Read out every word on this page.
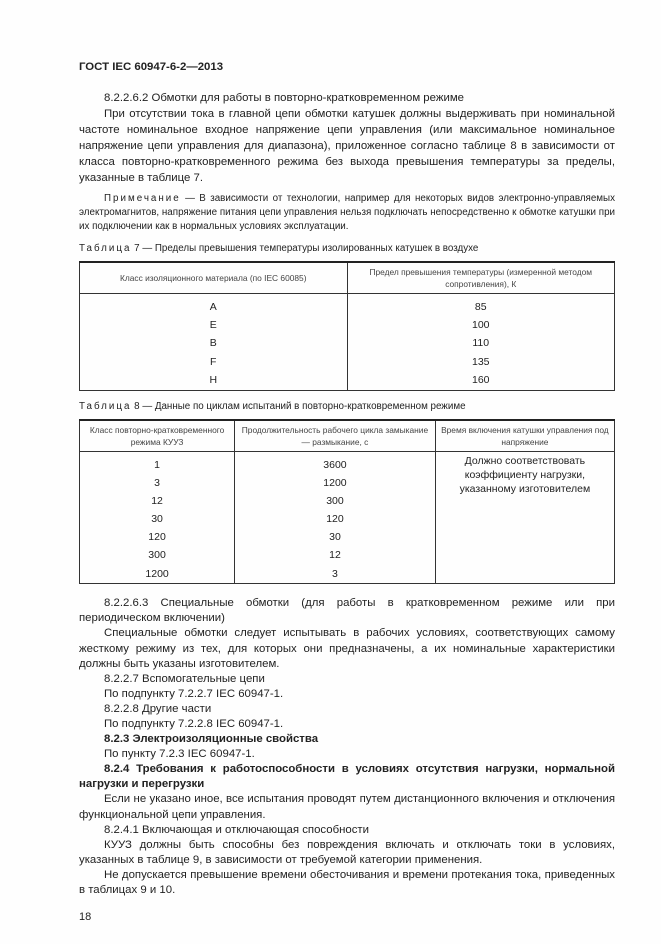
ГОСТ IEC 60947-6-2—2013

8.2.2.6.2 Обмотки для работы в повторно-кратковременном режиме

При отсутствии тока в главной цепи обмотки катушек должны выдерживать при номинальной частоте номинальное входное напряжение цепи управления (или максимальное номинальное напряжение цепи управления для диапазона), приложенное согласно таблице 8 в зависимости от класса повторно-кратковременного режима без выхода превышения температуры за пределы, указанные в таблице 7.

Примечание — В зависимости от технологии, например для некоторых видов электронно-управляемых электромагнитов, напряжение питания цепи управления нельзя подключать непосредственно к обмотке катушки при их подключении как в нормальных условиях эксплуатации.

Таблица 7 — Пределы превышения температуры изолированных катушек в воздухе
Класс изоляционного материала (по IEC 60085)	Предел превышения температуры (измеренной методом сопротивления), К
A	85
E	100
B	110
F	135
H	160
Таблица 8 — Данные по циклам испытаний в повторно-кратковременном режиме
Класс повторно-кратковременного режима КУУЗ	Продолжительность рабочего цикла замыкание — размыкание, с	Время включения катушки управления под напряжение
1	3600	Должно соответствовать коэффициенту нагрузки, указанному изготовителем
3	1200	
12	300	
30	120	
120	30	
300	12	
1200	3	

8.2.2.6.3 Специальные обмотки (для работы в кратковременном режиме или при периодическом включении)

Специальные обмотки следует испытывать в рабочих условиях, соответствующих самому жесткому режиму из тех, для которых они предназначены, а их номинальные характеристики должны быть указаны изготовителем.

8.2.2.7 Вспомогательные цепи

По подпункту 7.2.2.7 IEC 60947-1.

8.2.2.8 Другие части

По подпункту 7.2.2.8 IEC 60947-1.

8.2.3 Электроизоляционные свойства

По пункту 7.2.3 IEC 60947-1.

8.2.4 Требования к работоспособности в условиях отсутствия нагрузки, нормальной нагрузки и перегрузки

Если не указано иное, все испытания проводят путем дистанционного включения и отключения функциональной цепи управления.

8.2.4.1 Включающая и отключающая способности

КУУЗ должны быть способны без повреждения включать и отключать токи в условиях, указанных в таблице 9, в зависимости от требуемой категории применения.

Не допускается превышение времени обесточивания и времени протекания тока, приведенных в таблицах 9 и 10.

18
